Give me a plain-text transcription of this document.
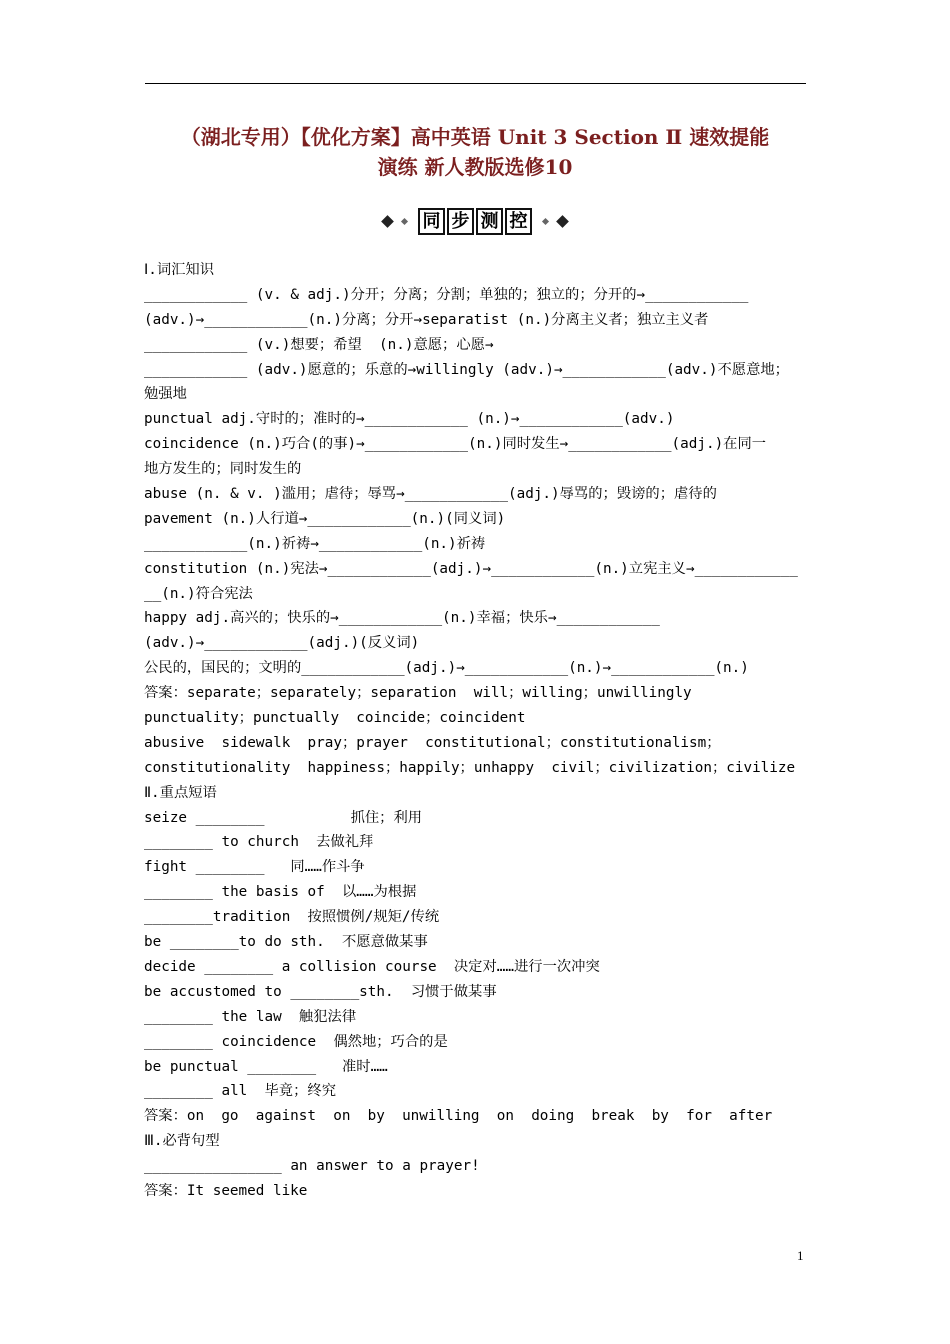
（湖北专用）【优化方案】高中英语 Unit 3 Section Ⅱ 速效提能
演练 新人教版选修10
同 步 测 控
Ⅰ.词汇知识
____________ (v. & adj.)分开；分离；分割；单独的；独立的；分开的→____________
(adv.)→____________(n.)分离；分开→separatist (n.)分离主义者；独立主义者
____________ (v.)想要；希望  (n.)意愿；心愿→
____________ (adv.)愿意的；乐意的→willingly (adv.)→____________(adv.)不愿意地；
勉强地
punctual adj.守时的；准时的→____________ (n.)→____________(adv.)
coincidence (n.)巧合(的事)→____________(n.)同时发生→____________(adj.)在同一
地方发生的；同时发生的
abuse (n. & v. )滥用；虐待；辱骂→____________(adj.)辱骂的；毁谤的；虐待的
pavement (n.)人行道→____________(n.)(同义词)
____________(n.)祈祷→____________(n.)祈祷
constitution (n.)宪法→____________(adj.)→____________(n.)立宪主义→____________
__(n.)符合宪法
happy adj.高兴的；快乐的→____________(n.)幸福；快乐→____________
(adv.)→____________(adj.)(反义词)
公民的，国民的；文明的____________(adj.)→____________(n.)→____________(n.)
答案：separate；separately；separation  will；willing；unwillingly
punctuality；punctually  coincide；coincident
abusive  sidewalk  pray；prayer  constitutional；constitutionalism；
constitutionality  happiness；happily；unhappy  civil；civilization；civilize
Ⅱ.重点短语
seize ________          抓住；利用
________ to church  去做礼拜
fight ________   同……作斗争
________ the basis of  以……为根据
________tradition  按照惯例/规矩/传统
be ________to do sth.  不愿意做某事
decide ________ a collision course  决定对……进行一次冲突
be accustomed to ________sth.  习惯于做某事
________ the law  触犯法律
________ coincidence  偶然地；巧合的是
be punctual ________   准时……
________ all  毕竟；终究
答案：on  go  against  on  by  unwilling  on  doing  break  by  for  after
Ⅲ.必背句型
________________ an answer to a prayer!
答案：It seemed like
1
